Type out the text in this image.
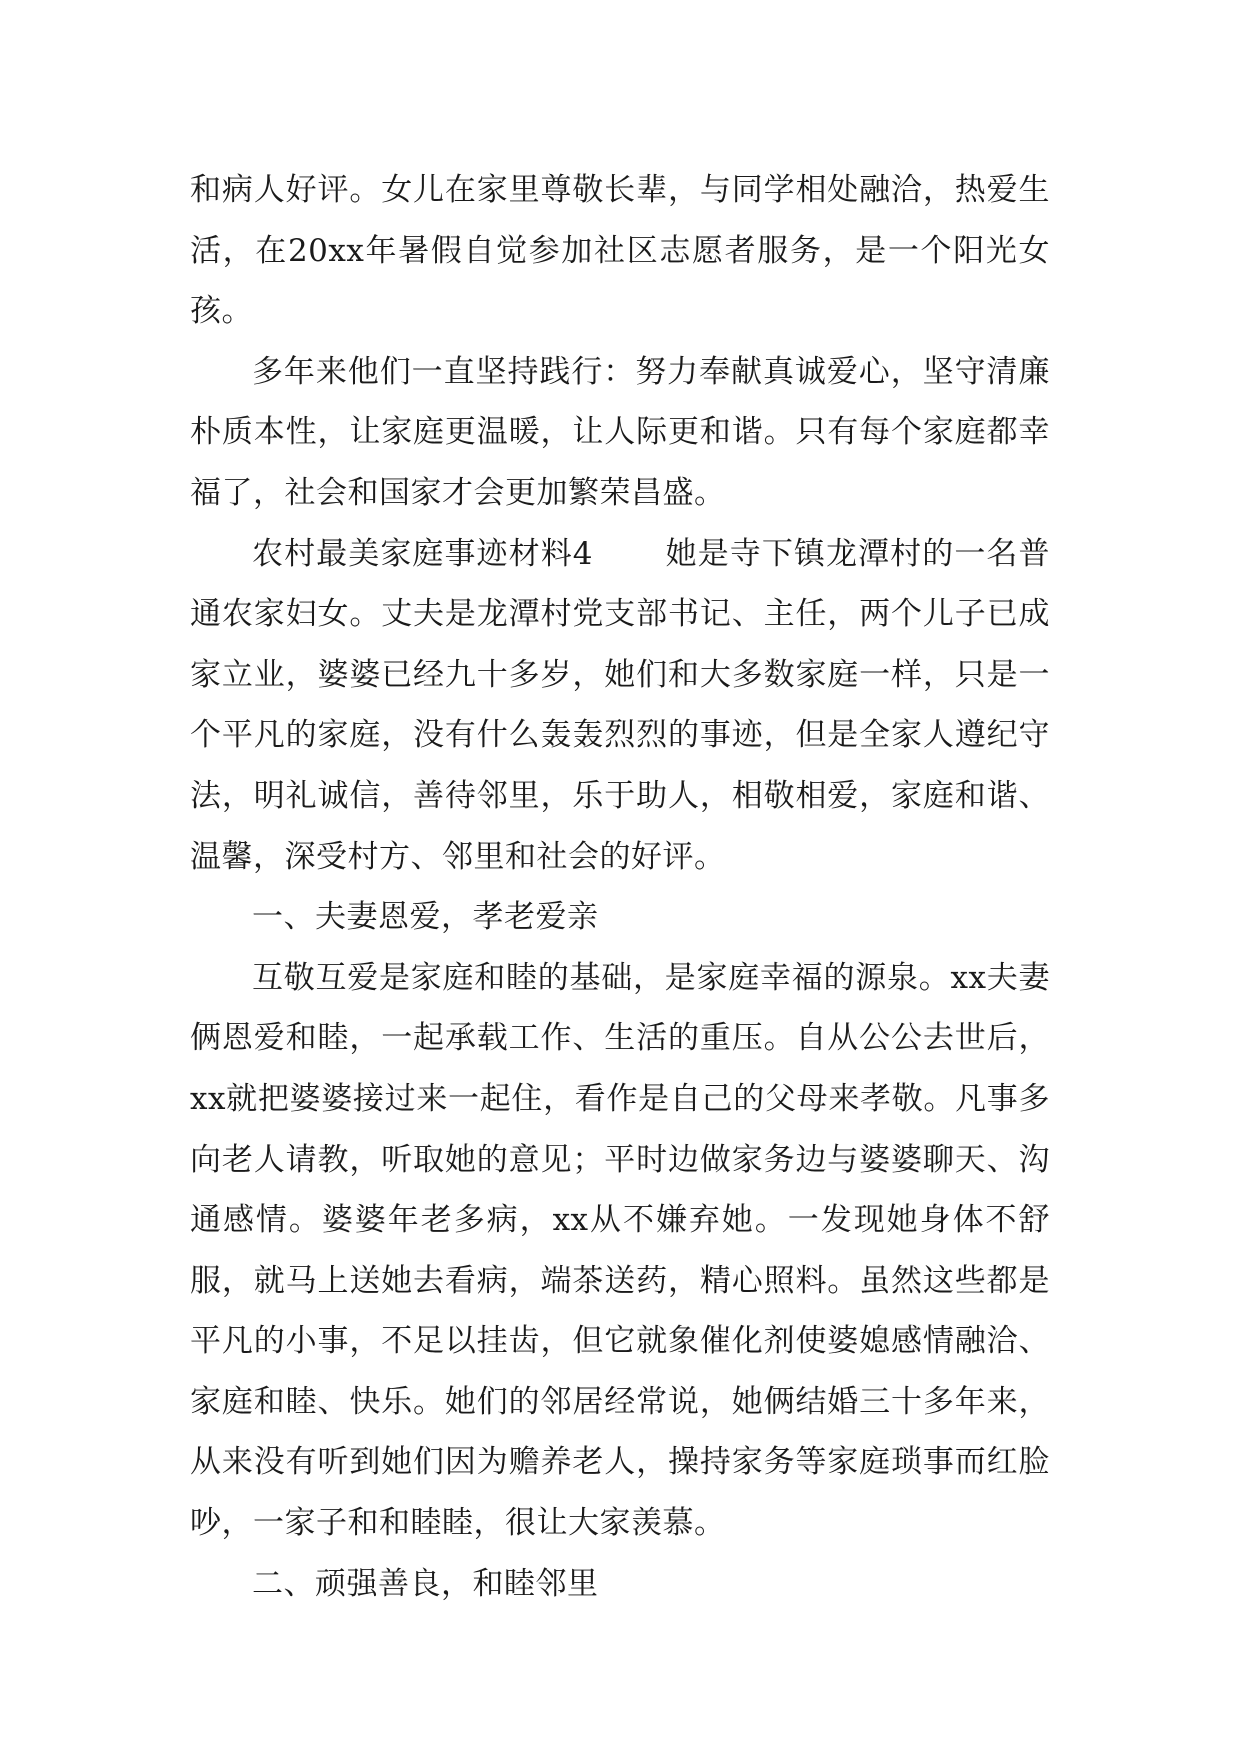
和病人好评。女儿在家里尊敬长辈，与同学相处融洽，热爱生活，在20xx年暑假自觉参加社区志愿者服务，是一个阳光女孩。

多年来他们一直坚持践行：努力奉献真诚爱心，坚守清廉朴质本性，让家庭更温暖，让人际更和谐。只有每个家庭都幸福了，社会和国家才会更加繁荣昌盛。

农村最美家庭事迹材料4 她是寺下镇龙潭村的一名普通农家妇女。丈夫是龙潭村党支部书记、主任，两个儿子已成家立业，婆婆已经九十多岁，她们和大多数家庭一样，只是一个平凡的家庭，没有什么轰轰烈烈的事迹，但是全家人遵纪守法，明礼诚信，善待邻里，乐于助人，相敬相爱，家庭和谐、温馨，深受村方、邻里和社会的好评。

一、夫妻恩爱，孝老爱亲

互敬互爱是家庭和睦的基础，是家庭幸福的源泉。xx夫妻俩恩爱和睦，一起承载工作、生活的重压。自从公公去世后，xx就把婆婆接过来一起住，看作是自己的父母来孝敬。凡事多向老人请教，听取她的意见；平时边做家务边与婆婆聊天、沟通感情。婆婆年老多病，xx从不嫌弃她。一发现她身体不舒服，就马上送她去看病，端茶送药，精心照料。虽然这些都是平凡的小事，不足以挂齿，但它就象催化剂使婆媳感情融洽、家庭和睦、快乐。她们的邻居经常说，她俩结婚三十多年来，从来没有听到她们因为赡养老人，操持家务等家庭琐事而红脸吵，一家子和和睦睦，很让大家羡慕。

二、顽强善良，和睦邻里
